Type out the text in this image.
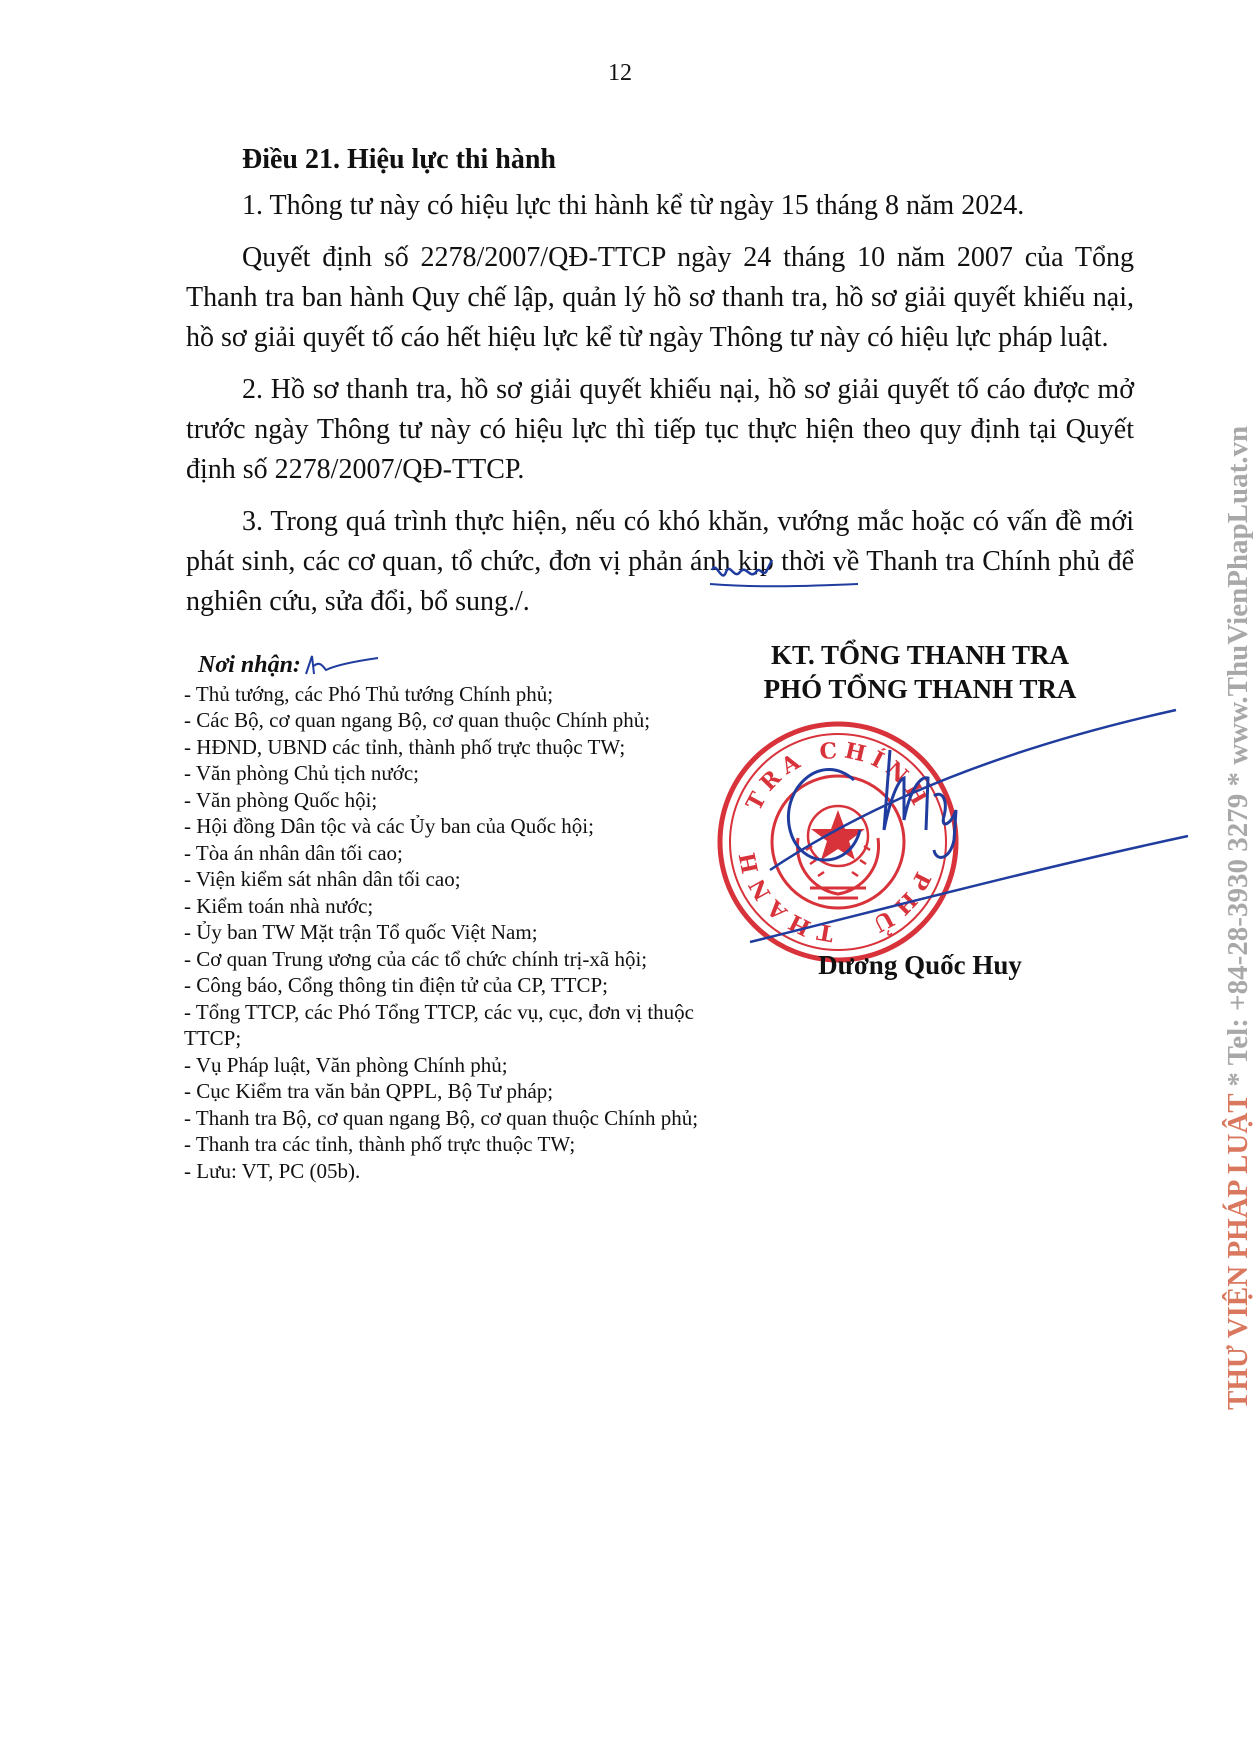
12
Điều 21. Hiệu lực thi hành

1. Thông tư này có hiệu lực thi hành kể từ ngày 15 tháng 8 năm 2024.

Quyết định số 2278/2007/QĐ-TTCP ngày 24 tháng 10 năm 2007 của Tổng Thanh tra ban hành Quy chế lập, quản lý hồ sơ thanh tra, hồ sơ giải quyết khiếu nại, hồ sơ giải quyết tố cáo hết hiệu lực kể từ ngày Thông tư này có hiệu lực pháp luật.

2. Hồ sơ thanh tra, hồ sơ giải quyết khiếu nại, hồ sơ giải quyết tố cáo được mở trước ngày Thông tư này có hiệu lực thì tiếp tục thực hiện theo quy định tại Quyết định số 2278/2007/QĐ-TTCP.

3. Trong quá trình thực hiện, nếu có khó khăn, vướng mắc hoặc có vấn đề mới phát sinh, các cơ quan, tổ chức, đơn vị phản ánh kịp thời về Thanh tra Chính phủ để nghiên cứu, sửa đổi, bổ sung./.

Nơi nhận:
- Thủ tướng, các Phó Thủ tướng Chính phủ;
- Các Bộ, cơ quan ngang Bộ, cơ quan thuộc Chính phủ;
- HĐND, UBND các tỉnh, thành phố trực thuộc TW;
- Văn phòng Chủ tịch nước;
- Văn phòng Quốc hội;
- Hội đồng Dân tộc và các Ủy ban của Quốc hội;
- Tòa án nhân dân tối cao;
- Viện kiểm sát nhân dân tối cao;
- Kiểm toán nhà nước;
- Ủy ban TW Mặt trận Tổ quốc Việt Nam;
- Cơ quan Trung ương của các tổ chức chính trị-xã hội;
- Công báo, Cổng thông tin điện tử của CP, TTCP;
- Tổng TTCP, các Phó Tổng TTCP, các vụ, cục, đơn vị thuộc TTCP;
- Vụ Pháp luật, Văn phòng Chính phủ;
- Cục Kiểm tra văn bản QPPL, Bộ Tư pháp;
- Thanh tra Bộ, cơ quan ngang Bộ, cơ quan thuộc Chính phủ;
- Thanh tra các tỉnh, thành phố trực thuộc TW;
- Lưu: VT, PC (05b).
KT. TỔNG THANH TRA
PHÓ TỔNG THANH TRA
TRA CHÍNH
THANH
PHỦ
Dương Quốc Huy
THƯ VIỆN PHÁP LUẬT * Tel: +84-28-3930 3279 * www.ThuVienPhapLuat.vn
